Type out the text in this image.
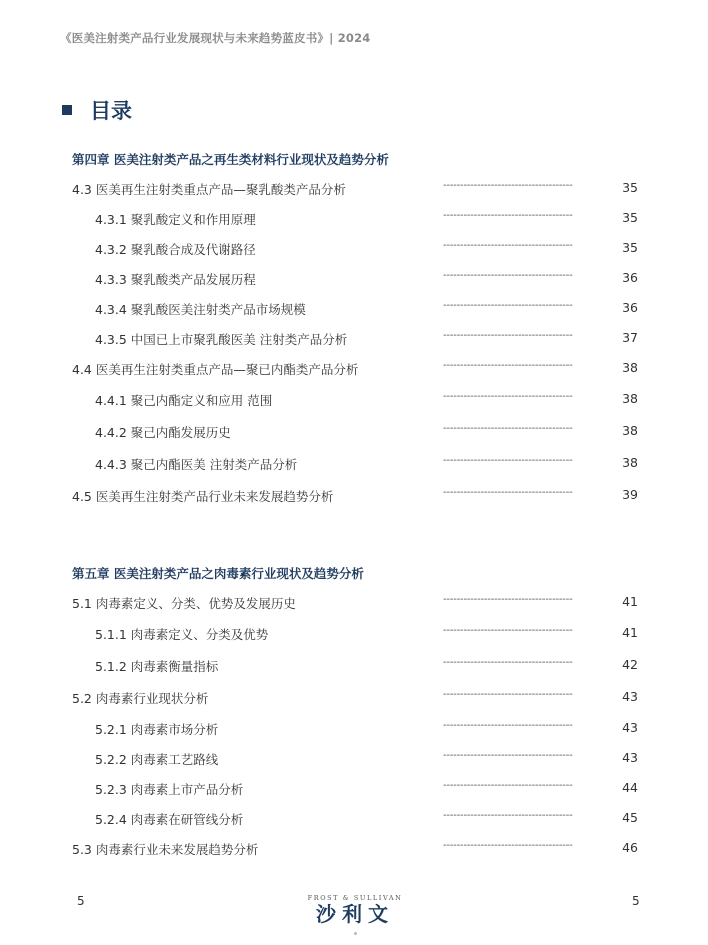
《医美注射类产品行业发展现状与未来趋势蓝皮书》| 2024
目录
第四章 医美注射类产品之再生类材料行业现状及趋势分析
4.3 医美再生注射类重点产品—聚乳酸类产品分析	--------------------------------------	35
4.3.1 聚乳酸定义和作用原理	--------------------------------------	35
4.3.2 聚乳酸合成及代谢路径	--------------------------------------	35
4.3.3 聚乳酸类产品发展历程	--------------------------------------	36
4.3.4 聚乳酸医美注射类产品市场规模	--------------------------------------	36
4.3.5 中国已上市聚乳酸医美 注射类产品分析	--------------------------------------	37
4.4 医美再生注射类重点产品—聚已内酯类产品分析	--------------------------------------	38
4.4.1 聚己内酯定义和应用 范围	--------------------------------------	38
4.4.2 聚己内酯发展历史	--------------------------------------	38
4.4.3 聚己内酯医美 注射类产品分析	--------------------------------------	38
4.5 医美再生注射类产品行业未来发展趋势分析	--------------------------------------	39
第五章 医美注射类产品之肉毒素行业现状及趋势分析
5.1 肉毒素定义、分类、优势及发展历史	--------------------------------------	41
5.1.1 肉毒素定义、分类及优势	--------------------------------------	41
5.1.2 肉毒素衡量指标	--------------------------------------	42
5.2 肉毒素行业现状分析	--------------------------------------	43
5.2.1 肉毒素市场分析	--------------------------------------	43
5.2.2 肉毒素工艺路线	--------------------------------------	43
5.2.3 肉毒素上市产品分析	--------------------------------------	44
5.2.4 肉毒素在研管线分析	--------------------------------------	45
5.3 肉毒素行业未来发展趋势分析	--------------------------------------	46
5	5
FROST & SULLIVAN
沙利文
